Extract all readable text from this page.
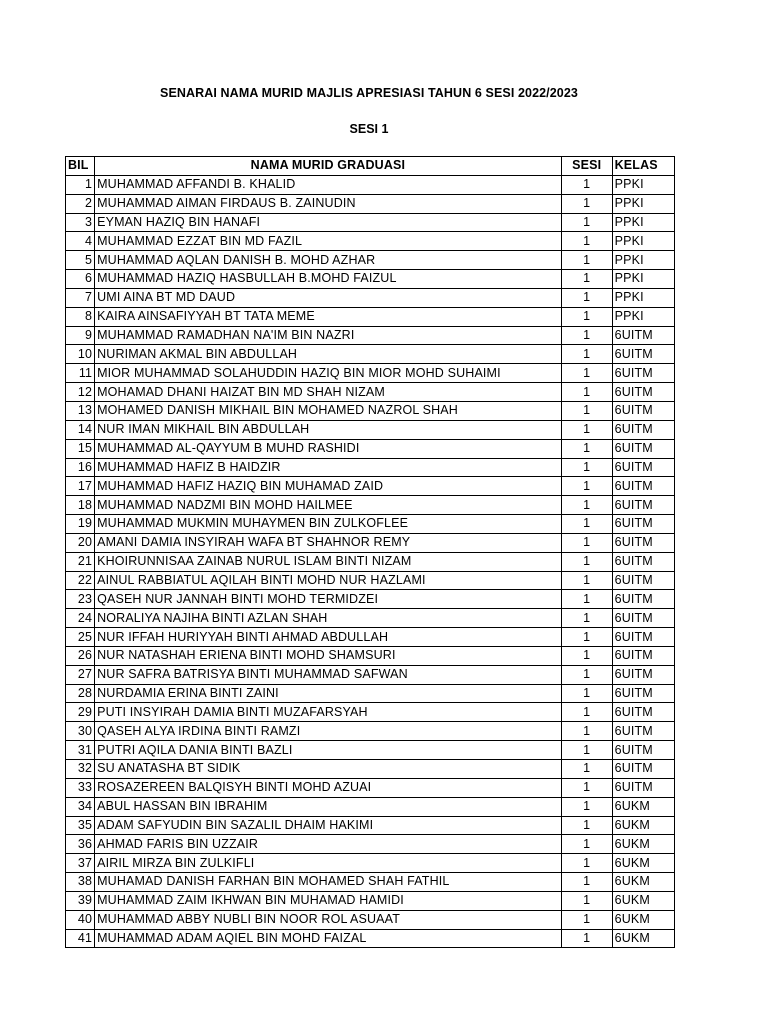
SENARAI NAMA MURID MAJLIS APRESIASI TAHUN 6 SESI 2022/2023
SESI 1
BIL	NAMA MURID GRADUASI	SESI	KELAS
1	MUHAMMAD AFFANDI B. KHALID	1	PPKI
2	MUHAMMAD AIMAN FIRDAUS B. ZAINUDIN	1	PPKI
3	EYMAN HAZIQ BIN HANAFI	1	PPKI
4	MUHAMMAD EZZAT BIN MD FAZIL	1	PPKI
5	MUHAMMAD AQLAN DANISH B. MOHD AZHAR	1	PPKI
6	MUHAMMAD HAZIQ HASBULLAH B.MOHD FAIZUL	1	PPKI
7	UMI AINA BT MD DAUD	1	PPKI
8	KAIRA AINSAFIYYAH BT TATA MEME	1	PPKI
9	MUHAMMAD RAMADHAN NA'IM BIN NAZRI	1	6UITM
10	NURIMAN AKMAL BIN ABDULLAH	1	6UITM
11	MIOR MUHAMMAD SOLAHUDDIN HAZIQ BIN MIOR MOHD SUHAIMI	1	6UITM
12	MOHAMAD DHANI HAIZAT BIN MD SHAH NIZAM	1	6UITM
13	MOHAMED DANISH MIKHAIL BIN MOHAMED NAZROL SHAH	1	6UITM
14	NUR IMAN MIKHAIL BIN ABDULLAH	1	6UITM
15	MUHAMMAD AL-QAYYUM B MUHD RASHIDI	1	6UITM
16	MUHAMMAD HAFIZ B HAIDZIR	1	6UITM
17	MUHAMMAD HAFIZ HAZIQ BIN MUHAMAD ZAID	1	6UITM
18	MUHAMMAD NADZMI BIN MOHD HAILMEE	1	6UITM
19	MUHAMMAD MUKMIN MUHAYMEN BIN ZULKOFLEE	1	6UITM
20	AMANI DAMIA INSYIRAH WAFA BT SHAHNOR REMY	1	6UITM
21	KHOIRUNNISAA ZAINAB NURUL ISLAM BINTI NIZAM	1	6UITM
22	AINUL RABBIATUL AQILAH BINTI MOHD NUR HAZLAMI	1	6UITM
23	QASEH NUR JANNAH BINTI MOHD TERMIDZEI	1	6UITM
24	NORALIYA NAJIHA BINTI AZLAN SHAH	1	6UITM
25	NUR IFFAH HURIYYAH BINTI AHMAD ABDULLAH	1	6UITM
26	NUR NATASHAH ERIENA BINTI MOHD SHAMSURI	1	6UITM
27	NUR SAFRA BATRISYA BINTI MUHAMMAD SAFWAN	1	6UITM
28	NURDAMIA ERINA BINTI ZAINI	1	6UITM
29	PUTI INSYIRAH DAMIA BINTI MUZAFARSYAH	1	6UITM
30	QASEH ALYA IRDINA BINTI RAMZI	1	6UITM
31	PUTRI AQILA DANIA BINTI BAZLI	1	6UITM
32	SU ANATASHA BT SIDIK	1	6UITM
33	ROSAZEREEN BALQISYH BINTI MOHD AZUAI	1	6UITM
34	ABUL HASSAN BIN IBRAHIM	1	6UKM
35	ADAM SAFYUDIN BIN SAZALIL DHAIM HAKIMI	1	6UKM
36	AHMAD FARIS BIN UZZAIR	1	6UKM
37	AIRIL MIRZA BIN ZULKIFLI	1	6UKM
38	MUHAMAD DANISH FARHAN BIN MOHAMED SHAH FATHIL	1	6UKM
39	MUHAMMAD ZAIM IKHWAN BIN MUHAMAD HAMIDI	1	6UKM
40	MUHAMMAD ABBY NUBLI BIN NOOR ROL ASUAAT	1	6UKM
41	MUHAMMAD ADAM AQIEL BIN MOHD FAIZAL	1	6UKM
